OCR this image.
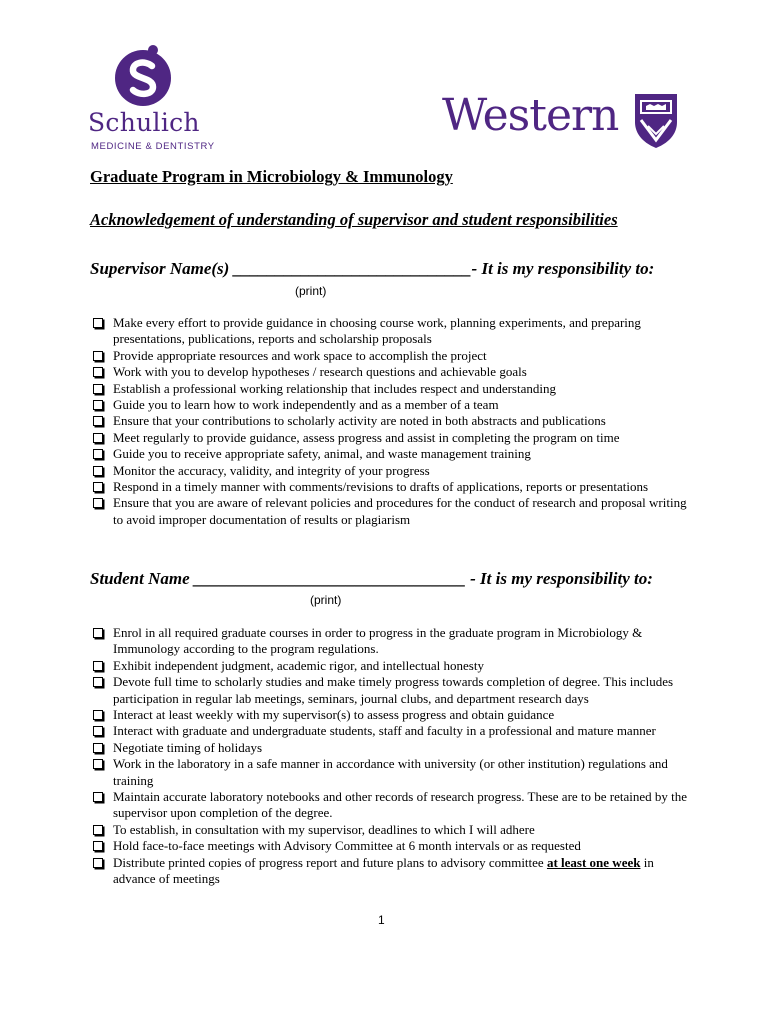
Schulich
MEDICINE & DENTISTRY
Western
Graduate Program in Microbiology & Immunology
Acknowledgement of understanding of supervisor and student responsibilities
Supervisor Name(s) ____________________________- It is my responsibility to:
(print)
Make every effort to provide guidance in choosing course work, planning experiments, and preparing presentations, publications, reports and scholarship proposals
Provide appropriate resources and work space to accomplish the project
Work with you to develop hypotheses / research questions and achievable goals
Establish a professional working relationship that includes respect and understanding
Guide you to learn how to work independently and as a member of a team
Ensure that your contributions to scholarly activity are noted in both abstracts and publications
Meet regularly to provide guidance, assess progress and assist in completing the program on time
Guide you to receive appropriate safety, animal, and waste management training
Monitor the accuracy, validity, and integrity of your progress
Respond in a timely manner with comments/revisions to drafts of applications, reports or presentations
Ensure that you are aware of relevant policies and procedures for the conduct of research and proposal writing to avoid improper documentation of results or plagiarism
Student Name ________________________________ - It is my responsibility to:
(print)
Enrol in all required graduate courses in order to progress in the graduate program in Microbiology & Immunology according to the program regulations.
Exhibit independent judgment, academic rigor, and intellectual honesty
Devote full time to scholarly studies and make timely progress towards completion of degree. This includes participation in regular lab meetings, seminars, journal clubs, and department research days
Interact at least weekly with my supervisor(s) to assess progress and obtain guidance
Interact with graduate and undergraduate students, staff and faculty in a professional and mature manner
Negotiate timing of holidays
Work in the laboratory in a safe manner in accordance with university (or other institution) regulations and training
Maintain accurate laboratory notebooks and other records of research progress. These are to be retained by the supervisor upon completion of the degree.
To establish, in consultation with my supervisor, deadlines to which I will adhere
Hold face-to-face meetings with Advisory Committee at 6 month intervals or as requested
Distribute printed copies of progress report and future plans to advisory committee at least one week in advance of meetings
1
